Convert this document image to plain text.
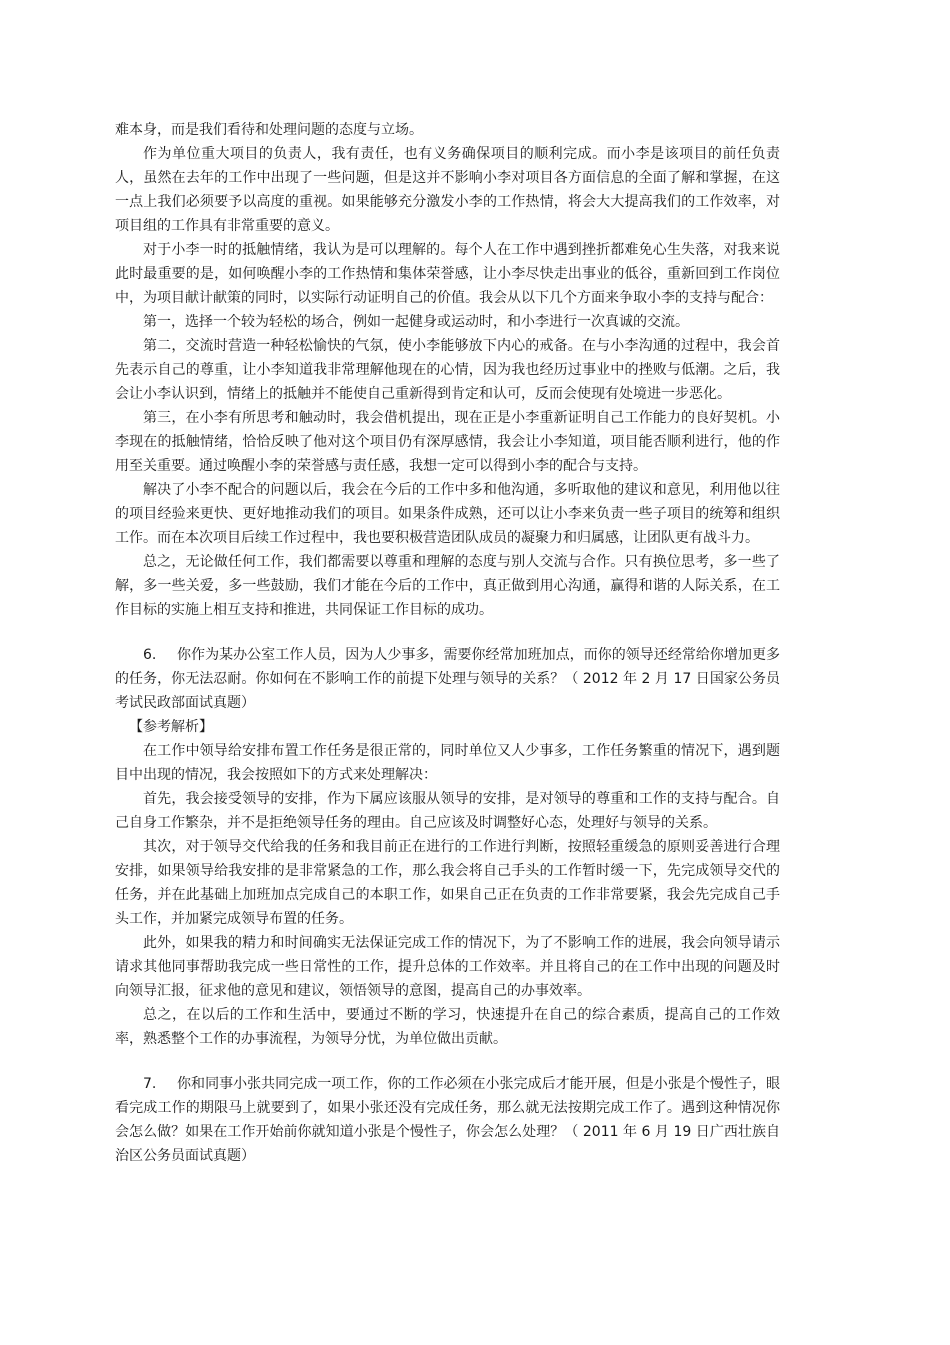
难本身，而是我们看待和处理问题的态度与立场。

作为单位重大项目的负责人，我有责任，也有义务确保项目的顺利完成。而小李是该项目的前任负责人，虽然在去年的工作中出现了一些问题，但是这并不影响小李对项目各方面信息的全面了解和掌握，在这一点上我们必须要予以高度的重视。如果能够充分激发小李的工作热情，将会大大提高我们的工作效率，对项目组的工作具有非常重要的意义。

对于小李一时的抵触情绪，我认为是可以理解的。每个人在工作中遇到挫折都难免心生失落，对我来说此时最重要的是，如何唤醒小李的工作热情和集体荣誉感，让小李尽快走出事业的低谷，重新回到工作岗位中，为项目献计献策的同时，以实际行动证明自己的价值。我会从以下几个方面来争取小李的支持与配合：

第一，选择一个较为轻松的场合，例如一起健身或运动时，和小李进行一次真诚的交流。

第二，交流时营造一种轻松愉快的气氛，使小李能够放下内心的戒备。在与小李沟通的过程中，我会首先表示自己的尊重，让小李知道我非常理解他现在的心情，因为我也经历过事业中的挫败与低潮。之后，我会让小李认识到，情绪上的抵触并不能使自己重新得到肯定和认可，反而会使现有处境进一步恶化。

第三，在小李有所思考和触动时，我会借机提出，现在正是小李重新证明自己工作能力的良好契机。小李现在的抵触情绪，恰恰反映了他对这个项目仍有深厚感情，我会让小李知道，项目能否顺利进行，他的作用至关重要。通过唤醒小李的荣誉感与责任感，我想一定可以得到小李的配合与支持。

解决了小李不配合的问题以后，我会在今后的工作中多和他沟通，多听取他的建议和意见，利用他以往的项目经验来更快、更好地推动我们的项目。如果条件成熟，还可以让小李来负责一些子项目的统筹和组织工作。而在本次项目后续工作过程中，我也要积极营造团队成员的凝聚力和归属感，让团队更有战斗力。

总之，无论做任何工作，我们都需要以尊重和理解的态度与别人交流与合作。只有换位思考，多一些了解，多一些关爱，多一些鼓励，我们才能在今后的工作中，真正做到用心沟通，赢得和谐的人际关系，在工作目标的实施上相互支持和推进，共同保证工作目标的成功。

6. 你作为某办公室工作人员，因为人少事多，需要你经常加班加点，而你的领导还经常给你增加更多的任务，你无法忍耐。你如何在不影响工作的前提下处理与领导的关系？（ 2012 年 2 月 17 日国家公务员考试民政部面试真题）

【参考解析】

在工作中领导给安排布置工作任务是很正常的，同时单位又人少事多，工作任务繁重的情况下，遇到题目中出现的情况，我会按照如下的方式来处理解决：

首先，我会接受领导的安排，作为下属应该服从领导的安排，是对领导的尊重和工作的支持与配合。自己自身工作繁杂，并不是拒绝领导任务的理由。自己应该及时调整好心态，处理好与领导的关系。

其次，对于领导交代给我的任务和我目前正在进行的工作进行判断，按照轻重缓急的原则妥善进行合理安排，如果领导给我安排的是非常紧急的工作，那么我会将自己手头的工作暂时缓一下，先完成领导交代的任务，并在此基础上加班加点完成自己的本职工作，如果自己正在负责的工作非常要紧，我会先完成自己手头工作，并加紧完成领导布置的任务。

此外，如果我的精力和时间确实无法保证完成工作的情况下，为了不影响工作的进展，我会向领导请示请求其他同事帮助我完成一些日常性的工作，提升总体的工作效率。并且将自己的在工作中出现的问题及时向领导汇报，征求他的意见和建议，领悟领导的意图，提高自己的办事效率。

总之，在以后的工作和生活中，要通过不断的学习，快速提升在自己的综合素质，提高自己的工作效率，熟悉整个工作的办事流程，为领导分忧，为单位做出贡献。

7. 你和同事小张共同完成一项工作，你的工作必须在小张完成后才能开展，但是小张是个慢性子，眼看完成工作的期限马上就要到了，如果小张还没有完成任务，那么就无法按期完成工作了。遇到这种情况你会怎么做？如果在工作开始前你就知道小张是个慢性子，你会怎么处理？（ 2011 年 6 月 19 日广西壮族自治区公务员面试真题）
